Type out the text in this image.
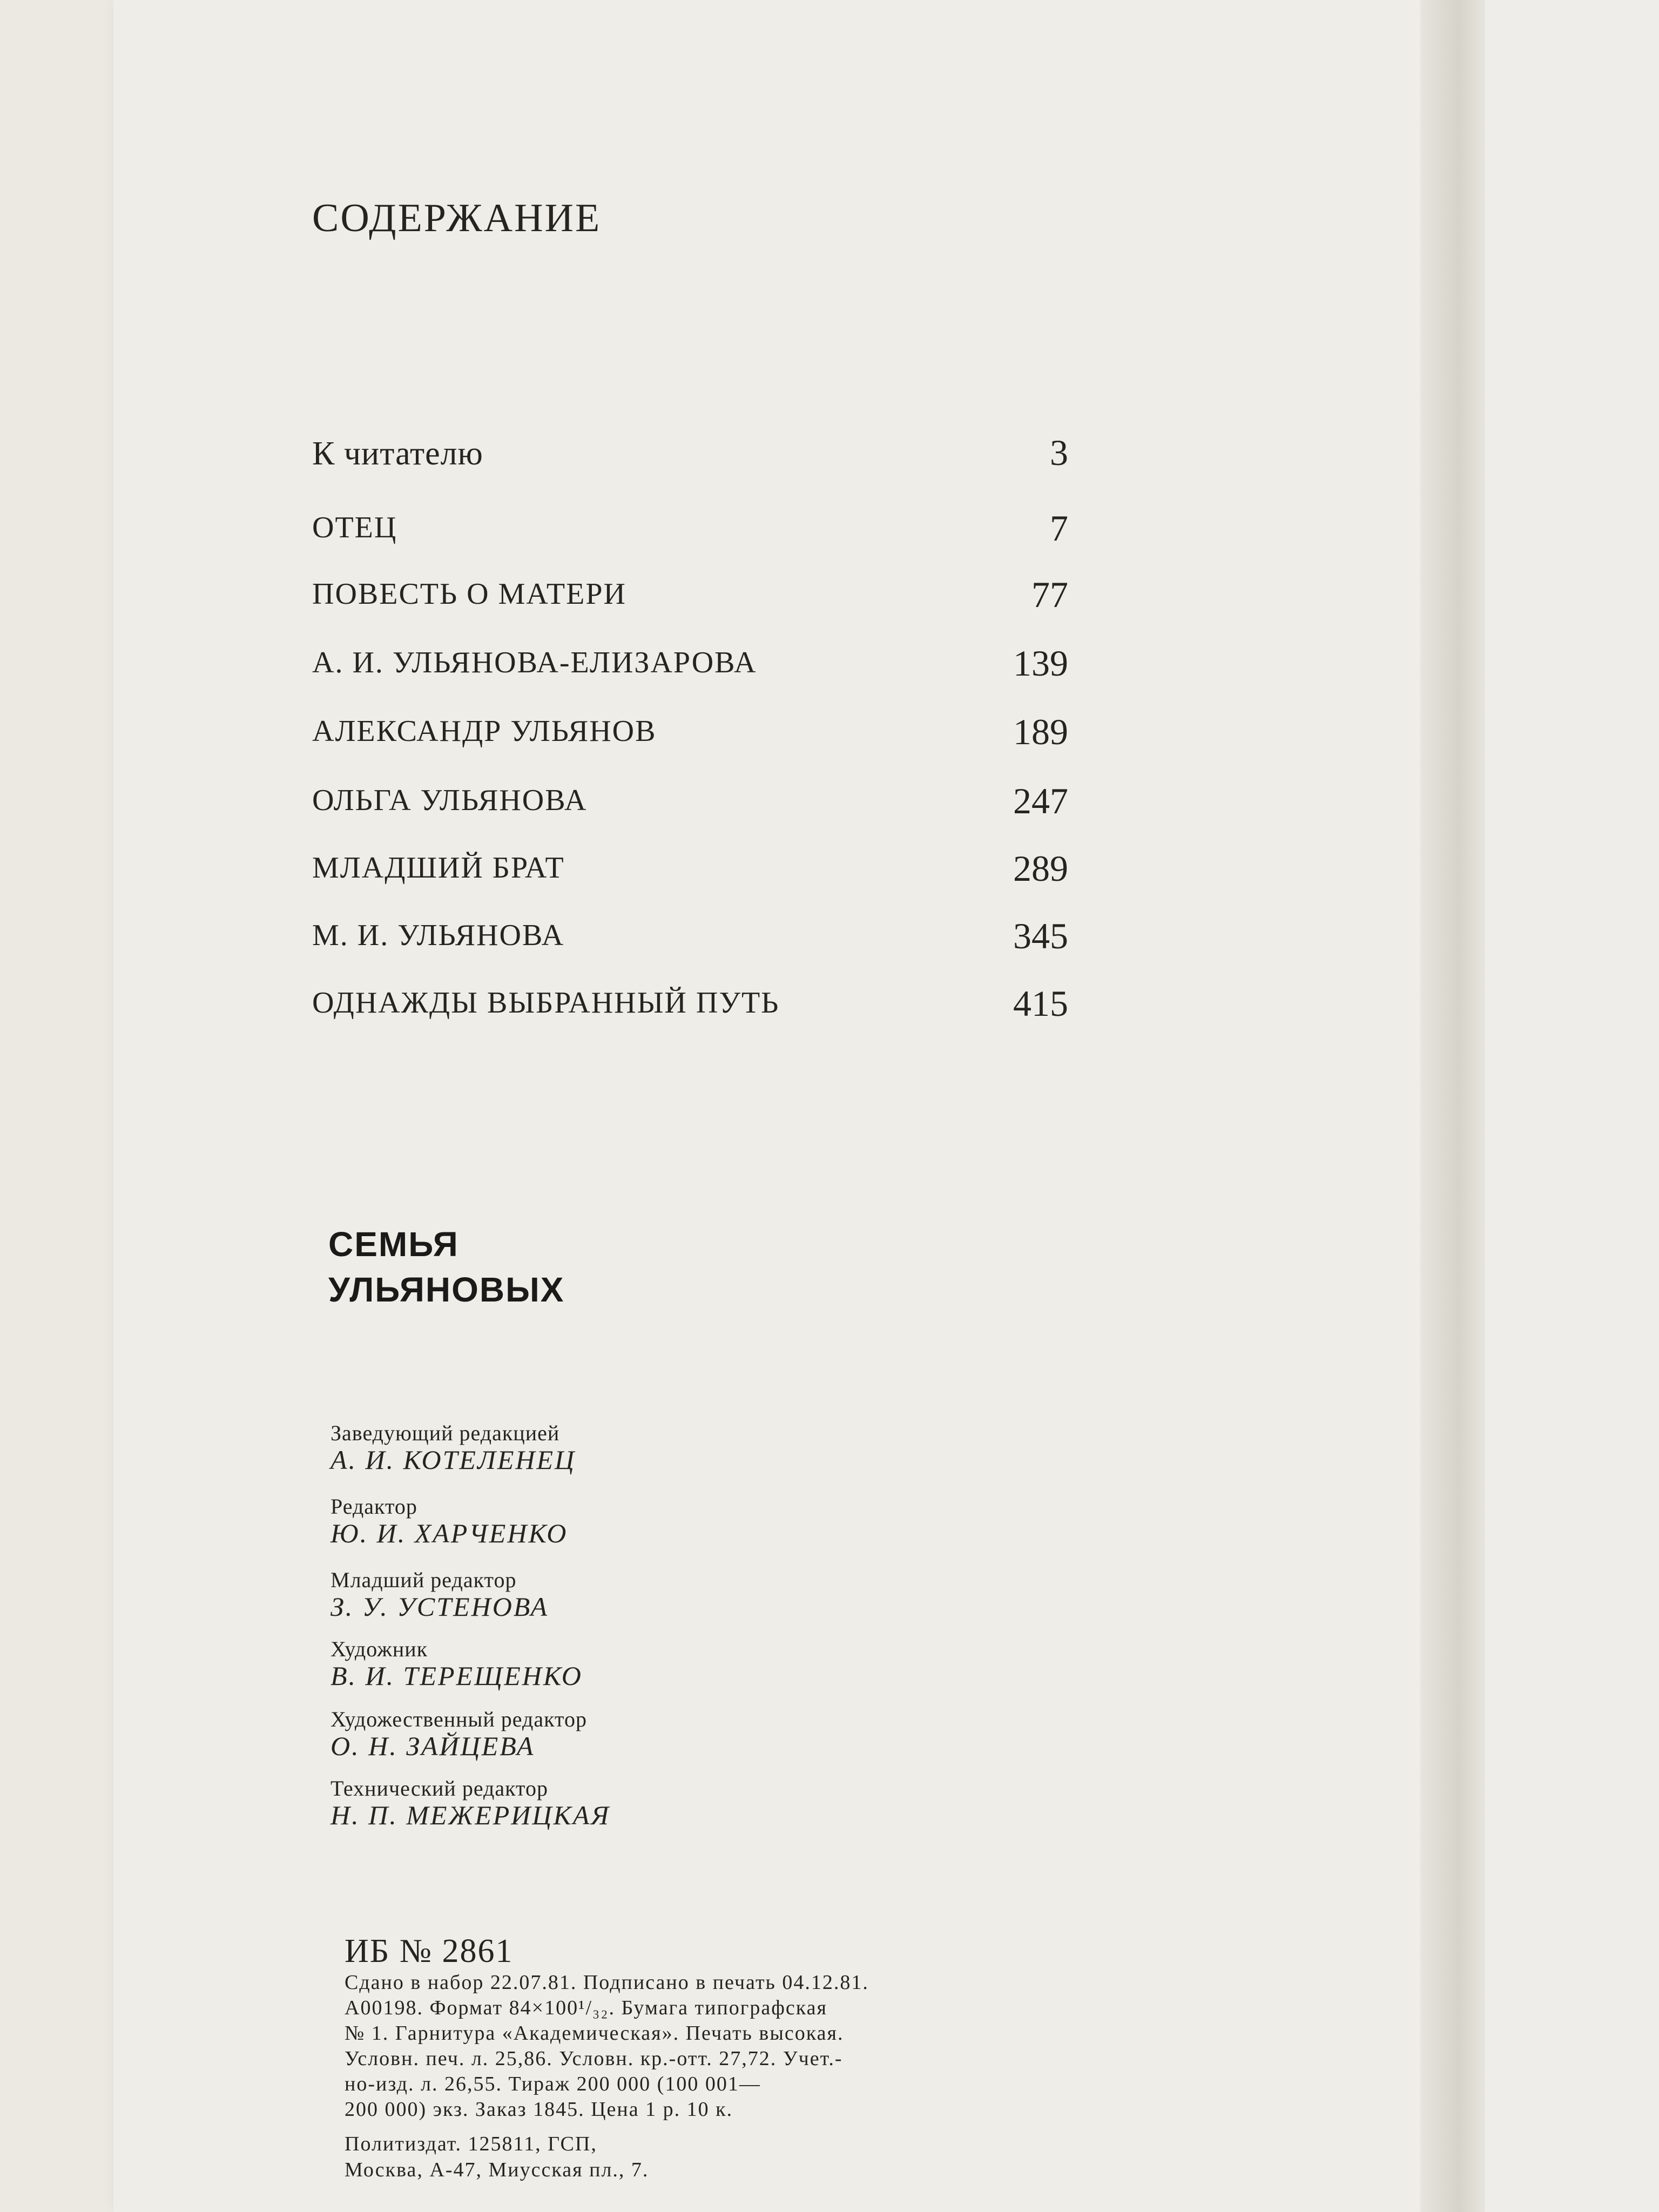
СОДЕРЖАНИЕ
К читателю	3
ОТЕЦ	7
ПОВЕСТЬ О МАТЕРИ	77
А. И. УЛЬЯНОВА-ЕЛИЗАРОВА	139
АЛЕКСАНДР УЛЬЯНОВ	189
ОЛЬГА УЛЬЯНОВА	247
МЛАДШИЙ БРАТ	289
М. И. УЛЬЯНОВА	345
ОДНАЖДЫ ВЫБРАННЫЙ ПУТЬ	415
СЕМЬЯ
УЛЬЯНОВЫХ
Заведующий редакцией
А. И. КОТЕЛЕНЕЦ
Редактор
Ю. И. ХАРЧЕНКО
Младший редактор
З. У. УСТЕНОВА
Художник
В. И. ТЕРЕЩЕНКО
Художественный редактор
О. Н. ЗАЙЦЕВА
Технический редактор
Н. П. МЕЖЕРИЦКАЯ
ИБ № 2861
Сдано в набор 22.07.81. Подписано в печать 04.12.81.
А00198. Формат 84×100¹/₃₂. Бумага типографская
№ 1. Гарнитура «Академическая». Печать высокая.
Условн. печ. л. 25,86. Условн. кр.-отт. 27,72. Учет.-
но-изд. л. 26,55. Тираж 200 000 (100 001—
200 000) экз. Заказ 1845. Цена 1 р. 10 к.
Политиздат. 125811, ГСП,
Москва, А-47, Миусская пл., 7.
